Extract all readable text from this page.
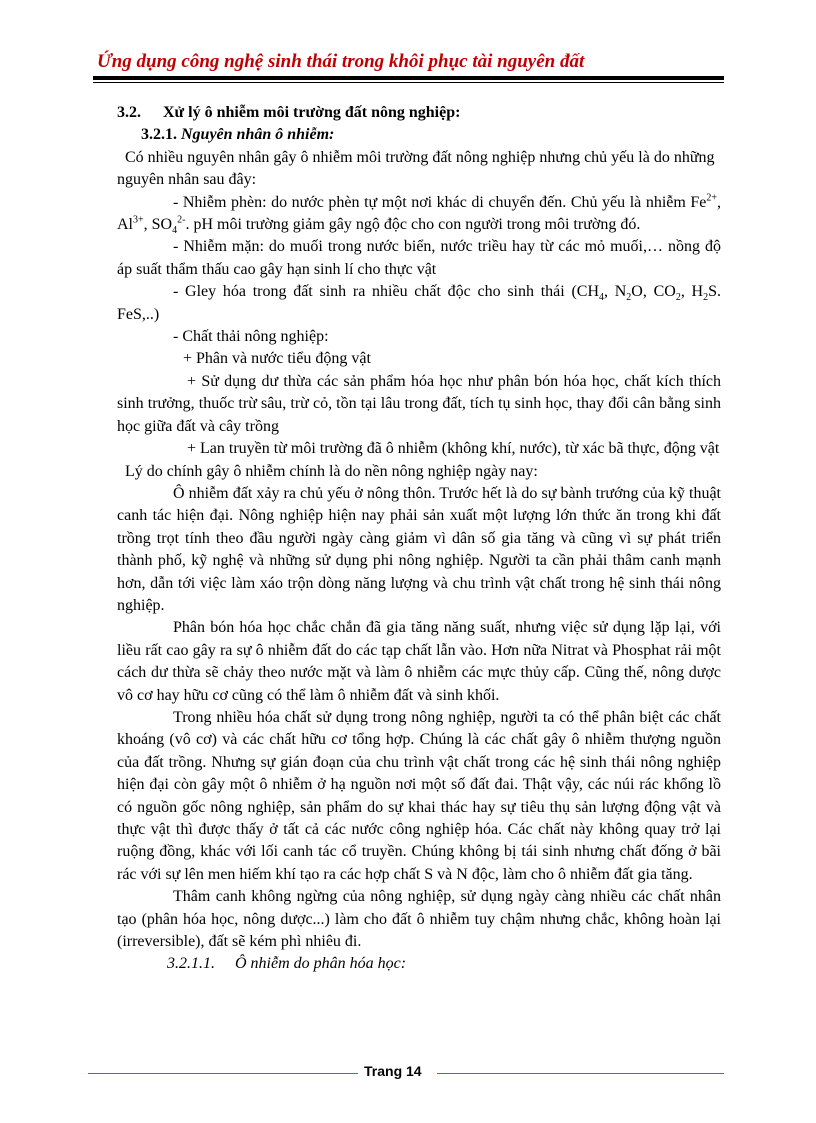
Ứng dụng công nghệ sinh thái trong khôi phục tài nguyên đất

3.2. Xử lý ô nhiễm môi trường đất nông nghiệp:

3.2.1. Nguyên nhân ô nhiễm:

Có nhiều nguyên nhân gây ô nhiễm môi trường đất nông nghiệp nhưng chủ yếu là do những nguyên nhân sau đây:

- Nhiễm phèn: do nước phèn tự một nơi khác di chuyển đến. Chủ yếu là nhiễm $Fe^{2+}$, $Al^{3+}$, $SO_4^{2-}$. pH môi trường giảm gây ngộ độc cho con người trong môi trường đó.

- Nhiễm mặn: do muối trong nước biển, nước triều hay từ các mỏ muối,… nồng độ áp suất thẩm thấu cao gây hạn sinh lí cho thực vật

- Gley hóa trong đất sinh ra nhiều chất độc cho sinh thái ($CH_4$, $N_2O$, $CO_2$, $H_2S$. FeS,..)

- Chất thải nông nghiệp:

+ Phân và nước tiểu động vật

+ Sử dụng dư thừa các sản phẩm hóa học như phân bón hóa học, chất kích thích sinh trưởng, thuốc trừ sâu, trừ cỏ, tồn tại lâu trong đất, tích tụ sinh học, thay đổi cân bằng sinh học giữa đất và cây trồng

+ Lan truyền từ môi trường đã ô nhiễm (không khí, nước), từ xác bã thực, động vật

Lý do chính gây ô nhiễm chính là do nền nông nghiệp ngày nay:

Ô nhiễm đất xảy ra chủ yếu ở nông thôn. Trước hết là do sự bành trướng của kỹ thuật canh tác hiện đại. Nông nghiệp hiện nay phải sản xuất một lượng lớn thức ăn trong khi đất trồng trọt tính theo đầu người ngày càng giảm vì dân số gia tăng và cũng vì sự phát triển thành phố, kỹ nghệ và những sử dụng phi nông nghiệp. Người ta cần phải thâm canh mạnh hơn, dẫn tới việc làm xáo trộn dòng năng lượng và chu trình vật chất trong hệ sinh thái nông nghiệp.

Phân bón hóa học chắc chắn đã gia tăng năng suất, nhưng việc sử dụng lặp lại, với liều rất cao gây ra sự ô nhiễm đất do các tạp chất lẫn vào. Hơn nữa Nitrat và Phosphat rải một cách dư thừa sẽ chảy theo nước mặt và làm ô nhiễm các mực thủy cấp. Cũng thế, nông dược vô cơ hay hữu cơ cũng có thể làm ô nhiễm đất và sinh khối.

Trong nhiều hóa chất sử dụng trong nông nghiệp, người ta có thể phân biệt các chất khoáng (vô cơ) và các chất hữu cơ tổng hợp. Chúng là các chất gây ô nhiễm thượng nguồn của đất trồng. Nhưng sự gián đoạn của chu trình vật chất trong các hệ sinh thái nông nghiệp hiện đại còn gây một ô nhiễm ở hạ nguồn nơi một số đất đai. Thật vậy, các núi rác khổng lồ có nguồn gốc nông nghiệp, sản phẩm do sự khai thác hay sự tiêu thụ sản lượng động vật và thực vật thì được thấy ở tất cả các nước công nghiệp hóa. Các chất này không quay trở lại ruộng đồng, khác với lối canh tác cổ truyền. Chúng không bị tái sinh nhưng chất đống ở bãi rác với sự lên men hiếm khí tạo ra các hợp chất S và N độc, làm cho ô nhiễm đất gia tăng.

Thâm canh không ngừng của nông nghiệp, sử dụng ngày càng nhiều các chất nhân tạo (phân hóa học, nông dược...) làm cho đất ô nhiễm tuy chậm nhưng chắc, không hoàn lại (irreversible), đất sẽ kém phì nhiêu đi.

3.2.1.1. Ô nhiễm do phân hóa học:

Trang 14
